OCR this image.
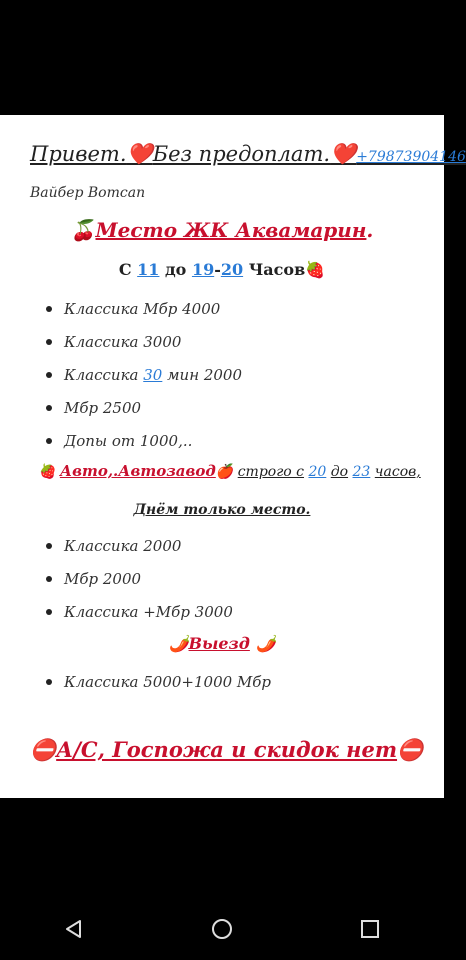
Привет.❤️Без предоплат.❤️+79873904146
Вайбер Вотсап
🍒Место ЖК Аквамарин.
С 11 до 19-20 Часов🍓
Классика Мбр 4000
Классика 3000
Классика 30 мин 2000
Мбр 2500
Допы от 1000,..
🍓 Авто,.Автозавод🍎 строго с 20 до 23 часов,
Днём только место.
Классика 2000
Мбр 2000
Классика +Мбр 3000
🌶️Выезд 🌶️
Классика 5000+1000 Мбр
⛔А/С, Госпожа и скидок нет⛔
